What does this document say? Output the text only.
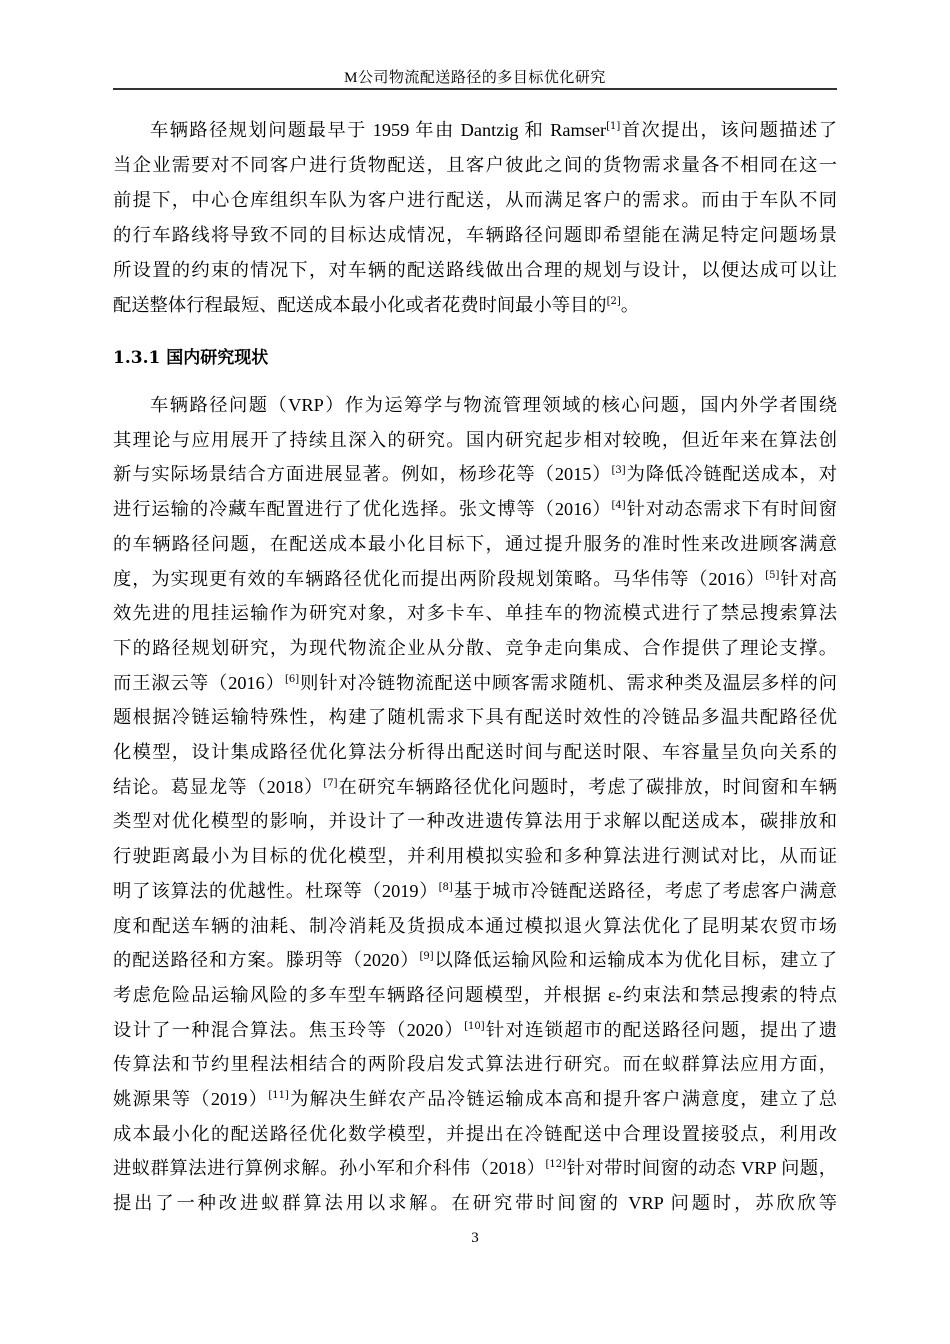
M公司物流配送路径的多目标优化研究
车辆路径规划问题最早于 1959 年由 Dantzig 和 Ramser[1]首次提出，该问题描述了
当企业需要对不同客户进行货物配送，且客户彼此之间的货物需求量各不相同在这一
前提下，中心仓库组织车队为客户进行配送，从而满足客户的需求。而由于车队不同
的行车路线将导致不同的目标达成情况，车辆路径问题即希望能在满足特定问题场景
所设置的约束的情况下，对车辆的配送路线做出合理的规划与设计，以便达成可以让
配送整体行程最短、配送成本最小化或者花费时间最小等目的[2]。
1.3.1 国内研究现状
车辆路径问题（VRP）作为运筹学与物流管理领域的核心问题，国内外学者围绕
其理论与应用展开了持续且深入的研究。国内研究起步相对较晚，但近年来在算法创
新与实际场景结合方面进展显著。例如，杨珍花等（2015）[3]为降低冷链配送成本，对
进行运输的冷藏车配置进行了优化选择。张文博等（2016）[4]针对动态需求下有时间窗
的车辆路径问题，在配送成本最小化目标下，通过提升服务的准时性来改进顾客满意
度，为实现更有效的车辆路径优化而提出两阶段规划策略。马华伟等（2016）[5]针对高
效先进的甩挂运输作为研究对象，对多卡车、单挂车的物流模式进行了禁忌搜索算法
下的路径规划研究，为现代物流企业从分散、竞争走向集成、合作提供了理论支撑。
而王淑云等（2016）[6]则针对冷链物流配送中顾客需求随机、需求种类及温层多样的问
题根据冷链运输特殊性，构建了随机需求下具有配送时效性的冷链品多温共配路径优
化模型，设计集成路径优化算法分析得出配送时间与配送时限、车容量呈负向关系的
结论。葛显龙等（2018）[7]在研究车辆路径优化问题时，考虑了碳排放，时间窗和车辆
类型对优化模型的影响，并设计了一种改进遗传算法用于求解以配送成本，碳排放和
行驶距离最小为目标的优化模型，并利用模拟实验和多种算法进行测试对比，从而证
明了该算法的优越性。杜琛等（2019）[8]基于城市冷链配送路径，考虑了考虑客户满意
度和配送车辆的油耗、制冷消耗及货损成本通过模拟退火算法优化了昆明某农贸市场
的配送路径和方案。滕玥等（2020）[9]以降低运输风险和运输成本为优化目标，建立了
考虑危险品运输风险的多车型车辆路径问题模型，并根据 ε-约束法和禁忌搜索的特点
设计了一种混合算法。焦玉玲等（2020）[10]针对连锁超市的配送路径问题，提出了遗
传算法和节约里程法相结合的两阶段启发式算法进行研究。而在蚁群算法应用方面，
姚源果等（2019）[11]为解决生鲜农产品冷链运输成本高和提升客户满意度，建立了总
成本最小化的配送路径优化数学模型，并提出在冷链配送中合理设置接驳点，利用改
进蚁群算法进行算例求解。孙小军和介科伟（2018）[12]针对带时间窗的动态 VRP 问题，
提出了一种改进蚁群算法用以求解。在研究带时间窗的 VRP 问题时，苏欣欣等
3
